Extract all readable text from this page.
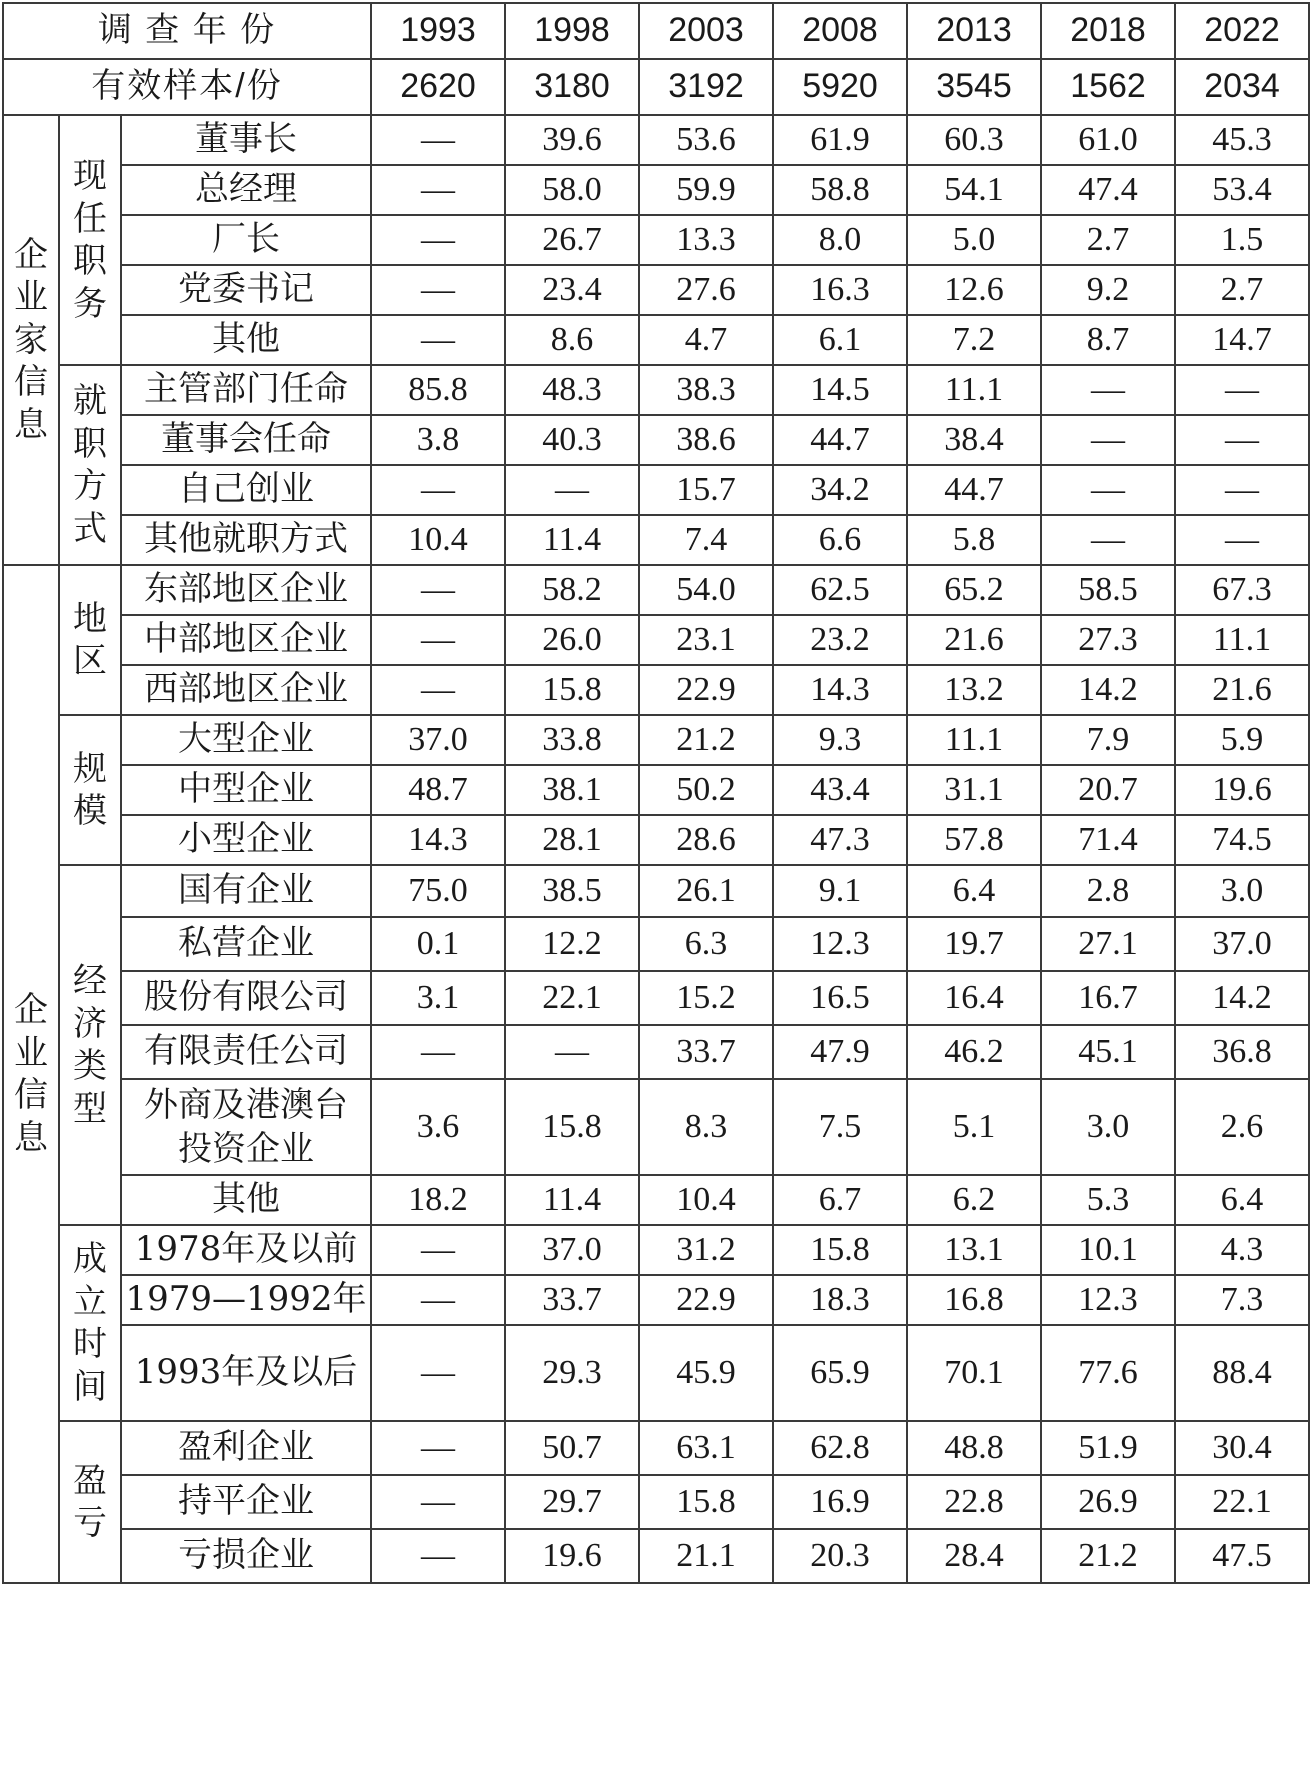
调 查 年 份			1993	1998	2003	2008	2013	2018	2022
有效样本/份			2620	3180	3192	5920	3545	1562	2034
企业家信息	现任职务	董事长	—	39.6	53.6	61.9	60.3	61.0	45.3
		总经理	—	58.0	59.9	58.8	54.1	47.4	53.4
		厂长	—	26.7	13.3	8.0	5.0	2.7	1.5
		党委书记	—	23.4	27.6	16.3	12.6	9.2	2.7
		其他	—	8.6	4.7	6.1	7.2	8.7	14.7
	就职方式	主管部门任命	85.8	48.3	38.3	14.5	11.1	—	—
		董事会任命	3.8	40.3	38.6	44.7	38.4	—	—
		自己创业	—	—	15.7	34.2	44.7	—	—
		其他就职方式	10.4	11.4	7.4	6.6	5.8	—	—
企业信息	地区	东部地区企业	—	58.2	54.0	62.5	65.2	58.5	67.3
		中部地区企业	—	26.0	23.1	23.2	21.6	27.3	11.1
		西部地区企业	—	15.8	22.9	14.3	13.2	14.2	21.6
	规模	大型企业	37.0	33.8	21.2	9.3	11.1	7.9	5.9
		中型企业	48.7	38.1	50.2	43.4	31.1	20.7	19.6
		小型企业	14.3	28.1	28.6	47.3	57.8	71.4	74.5
	经济类型	国有企业	75.0	38.5	26.1	9.1	6.4	2.8	3.0
		私营企业	0.1	12.2	6.3	12.3	19.7	27.1	37.0
		股份有限公司	3.1	22.1	15.2	16.5	16.4	16.7	14.2
		有限责任公司	—	—	33.7	47.9	46.2	45.1	36.8
		外商及港澳台
投资企业	3.6	15.8	8.3	7.5	5.1	3.0	2.6
		其他	18.2	11.4	10.4	6.7	6.2	5.3	6.4
	成立时间	1978年及以前	—	37.0	31.2	15.8	13.1	10.1	4.3
		1979—1992年	—	33.7	22.9	18.3	16.8	12.3	7.3
		1993年及以后	—	29.3	45.9	65.9	70.1	77.6	88.4
	盈亏	盈利企业	—	50.7	63.1	62.8	48.8	51.9	30.4
		持平企业	—	29.7	15.8	16.9	22.8	26.9	22.1
		亏损企业	—	19.6	21.1	20.3	28.4	21.2	47.5
